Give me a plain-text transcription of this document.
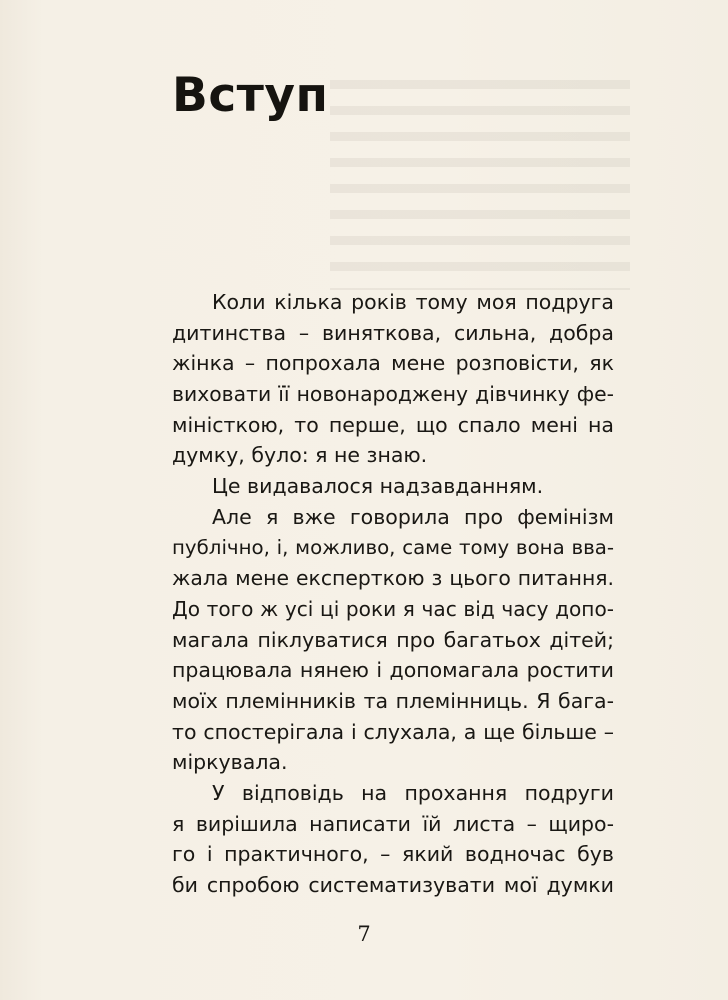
Вступ
Коли кілька років тому моя подруга
дитинства – виняткова, сильна, добра
жінка – попрохала мене розповісти, як
виховати її новонароджену дівчинку фе-
міністкою, то перше, що спало мені на
думку, було: я не знаю.
Це видавалося надзавданням.
Але я вже говорила про фемінізм
публічно, і, можливо, саме тому вона вва-
жала мене експерткою з цього питання.
До того ж усі ці роки я час від часу допо-
магала піклуватися про багатьох дітей;
працювала нянею і допомагала ростити
моїх племінників та племінниць. Я бага-
то спостерігала і слухала, а ще більше –
міркувала.
У відповідь на прохання подруги
я вирішила написати їй листа – щиро-
го і практичного, – який водночас був
би спробою систематизувати мої думки
7
